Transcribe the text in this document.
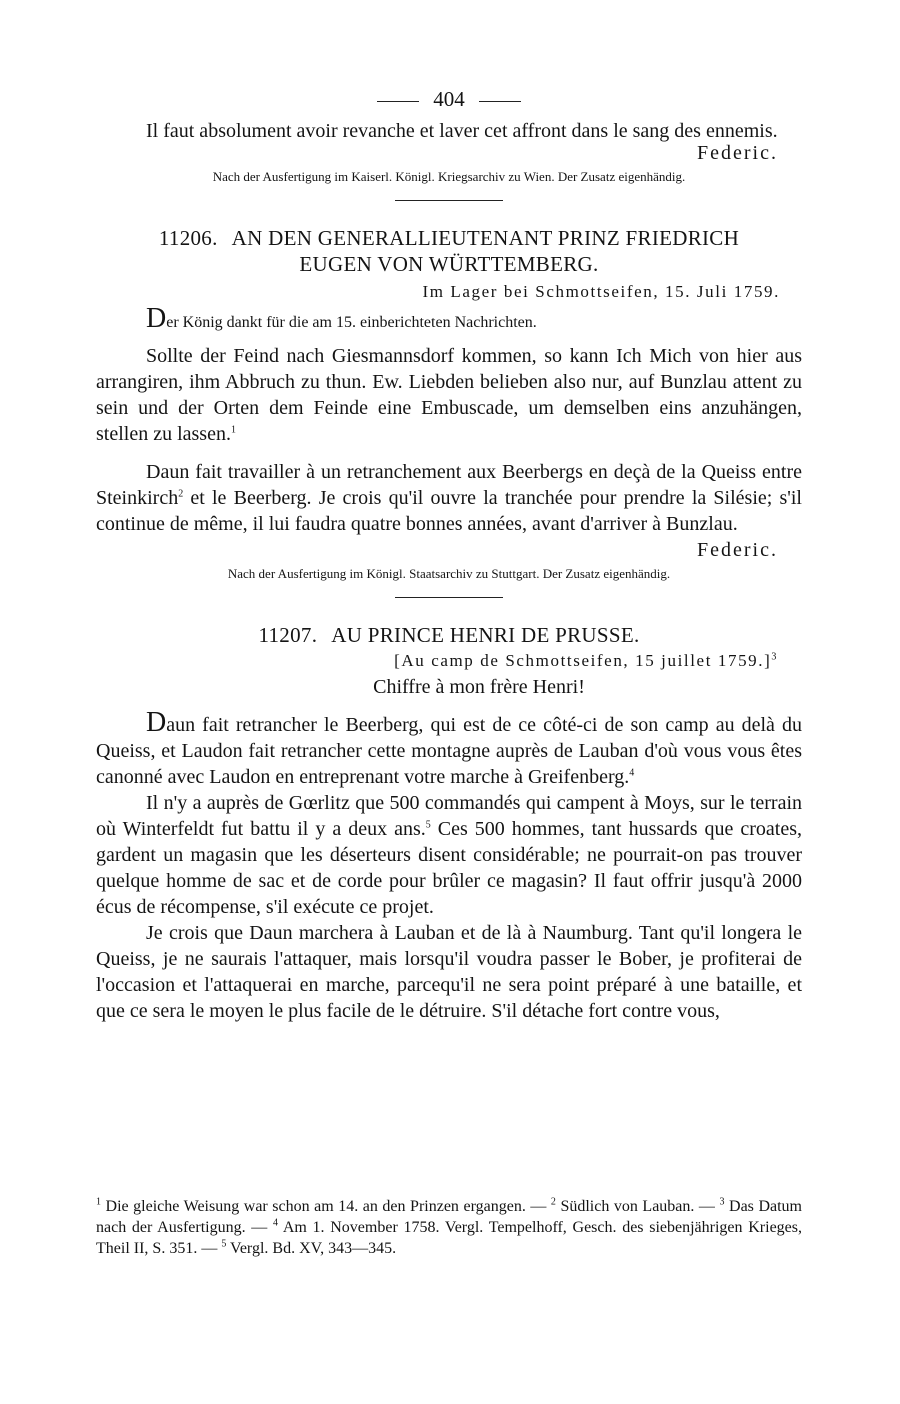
404

Il faut absolument avoir revanche et laver cet affront dans le sang des ennemis.

Federic.

Nach der Ausfertigung im Kaiserl. Königl. Kriegsarchiv zu Wien. Der Zusatz eigenhändig.

11206. AN DEN GENERALLIEUTENANT PRINZ FRIEDRICH
EUGEN VON WÜRTTEMBERG.

Im Lager bei Schmottseifen, 15. Juli 1759.

Der König dankt für die am 15. einberichteten Nachrichten.

Sollte der Feind nach Giesmannsdorf kommen, so kann Ich Mich von hier aus arrangiren, ihm Abbruch zu thun. Ew. Liebden belieben also nur, auf Bunzlau attent zu sein und der Orten dem Feinde eine Embuscade, um demselben eins anzuhängen, stellen zu lassen.$^1$

Daun fait travailler à un retranchement aux Beerbergs en deçà de la Queiss entre Steinkirch$^2$ et le Beerberg. Je crois qu'il ouvre la tranchée pour prendre la Silésie; s'il continue de même, il lui faudra quatre bonnes années, avant d'arriver à Bunzlau.

Federic.

Nach der Ausfertigung im Königl. Staatsarchiv zu Stuttgart. Der Zusatz eigenhändig.

11207. AU PRINCE HENRI DE PRUSSE.

[Au camp de Schmottseifen, 15 juillet 1759.]$^3$

Chiffre à mon frère Henri!

Daun fait retrancher le Beerberg, qui est de ce côté-ci de son camp au delà du Queiss, et Laudon fait retrancher cette montagne auprès de Lauban d'où vous vous êtes canonné avec Laudon en entreprenant votre marche à Greifenberg.$^4$

Il n'y a auprès de Gœrlitz que 500 commandés qui campent à Moys, sur le terrain où Winterfeldt fut battu il y a deux ans.$^5$ Ces 500 hommes, tant hussards que croates, gardent un magasin que les déserteurs disent considérable; ne pourrait-on pas trouver quelque homme de sac et de corde pour brûler ce magasin? Il faut offrir jusqu'à 2000 écus de récompense, s'il exécute ce projet.

Je crois que Daun marchera à Lauban et de là à Naumburg. Tant qu'il longera le Queiss, je ne saurais l'attaquer, mais lorsqu'il voudra passer le Bober, je profiterai de l'occasion et l'attaquerai en marche, parcequ'il ne sera point préparé à une bataille, et que ce sera le moyen le plus facile de le détruire. S'il détache fort contre vous,

$^1$ Die gleiche Weisung war schon am 14. an den Prinzen ergangen. — $^2$ Südlich von Lauban. — $^3$ Das Datum nach der Ausfertigung. — $^4$ Am 1. November 1758. Vergl. Tempelhoff, Gesch. des siebenjährigen Krieges, Theil II, S. 351. — $^5$ Vergl. Bd. XV, 343—345.
